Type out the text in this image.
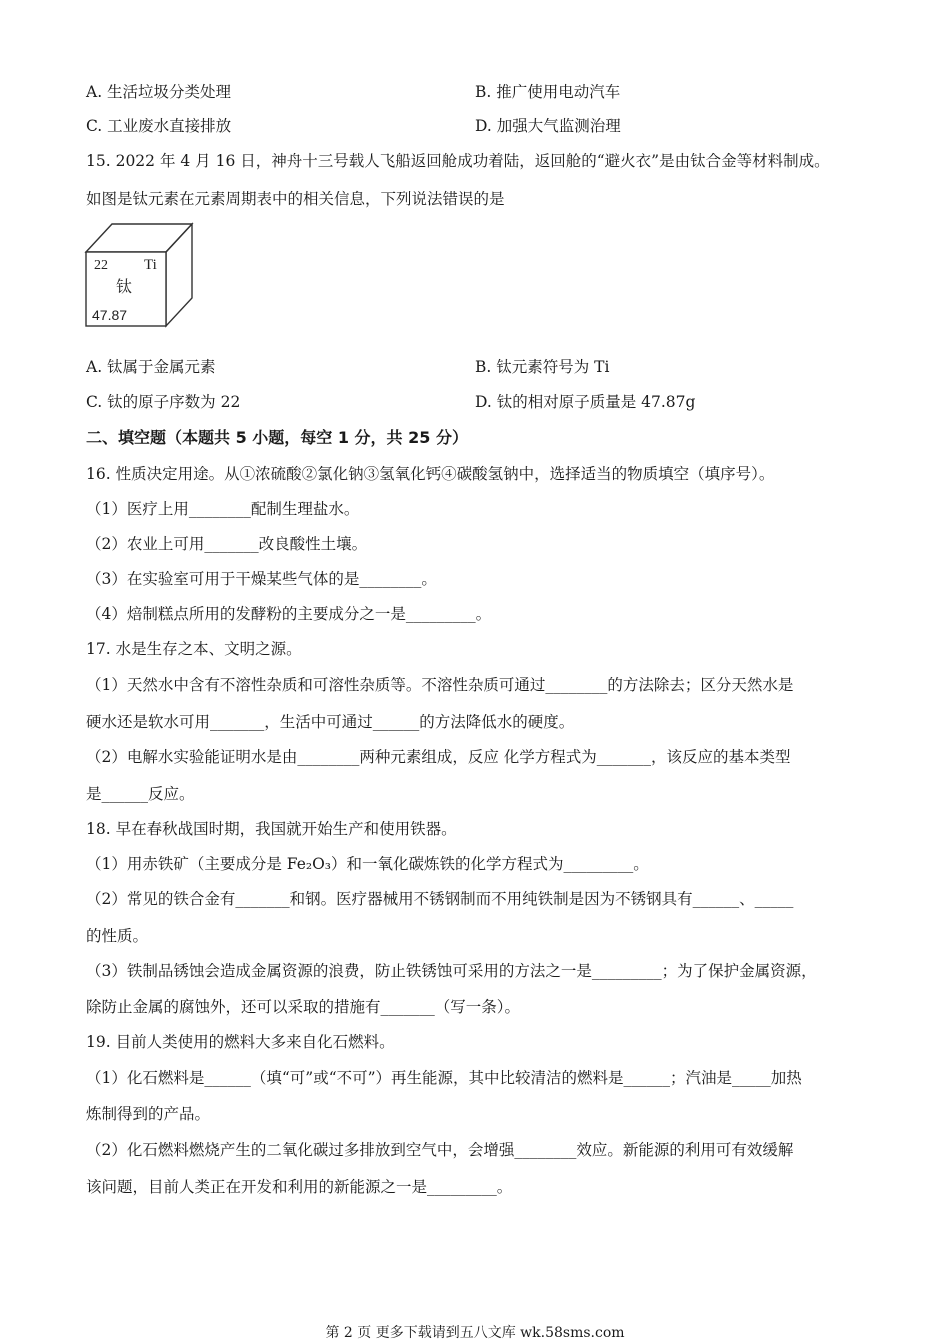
A. 生活垃圾分类处理	B. 推广使用电动汽车
C. 工业废水直接排放	D. 加强大气监测治理
15. 2022 年 4 月 16 日，神舟十三号载人飞船返回舱成功着陆，返回舱的“避火衣”是由钛合金等材料制成。
如图是钛元素在元素周期表中的相关信息，下列说法错误的是
22 Ti
钛
47.87
A. 钛属于金属元素	B. 钛元素符号为 Ti
C. 钛的原子序数为 22	D. 钛的相对原子质量是 47.87g
二、填空题（本题共 5 小题，每空 1 分，共 25 分）
16. 性质决定用途。从①浓硫酸②氯化钠③氢氧化钙④碳酸氢钠中，选择适当的物质填空（填序号）。
（1）医疗上用________配制生理盐水。
（2）农业上可用_______改良酸性土壤。
（3）在实验室可用于干燥某些气体的是________。
（4）焙制糕点所用的发酵粉的主要成分之一是_________。
17. 水是生存之本、文明之源。
（1）天然水中含有不溶性杂质和可溶性杂质等。不溶性杂质可通过________的方法除去；区分天然水是
硬水还是软水可用_______，生活中可通过______的方法降低水的硬度。
（2）电解水实验能证明水是由________两种元素组成，反应 化学方程式为_______，该反应的基本类型
是______反应。
18. 早在春秋战国时期，我国就开始生产和使用铁器。
（1）用赤铁矿（主要成分是 Fe₂O₃）和一氧化碳炼铁的化学方程式为_________。
（2）常见的铁合金有_______和钢。医疗器械用不锈钢制而不用纯铁制是因为不锈钢具有______、_____
的性质。
（3）铁制品锈蚀会造成金属资源的浪费，防止铁锈蚀可采用的方法之一是_________；为了保护金属资源，
除防止金属的腐蚀外，还可以采取的措施有_______（写一条）。
19. 目前人类使用的燃料大多来自化石燃料。
（1）化石燃料是______（填“可”或“不可”）再生能源，其中比较清洁的燃料是______；汽油是_____加热
炼制得到的产品。
（2）化石燃料燃烧产生的二氧化碳过多排放到空气中，会增强________效应。新能源的利用可有效缓解
该问题，目前人类正在开发和利用的新能源之一是_________。
第 2 页 更多下载请到五八文库 wk.58sms.com
